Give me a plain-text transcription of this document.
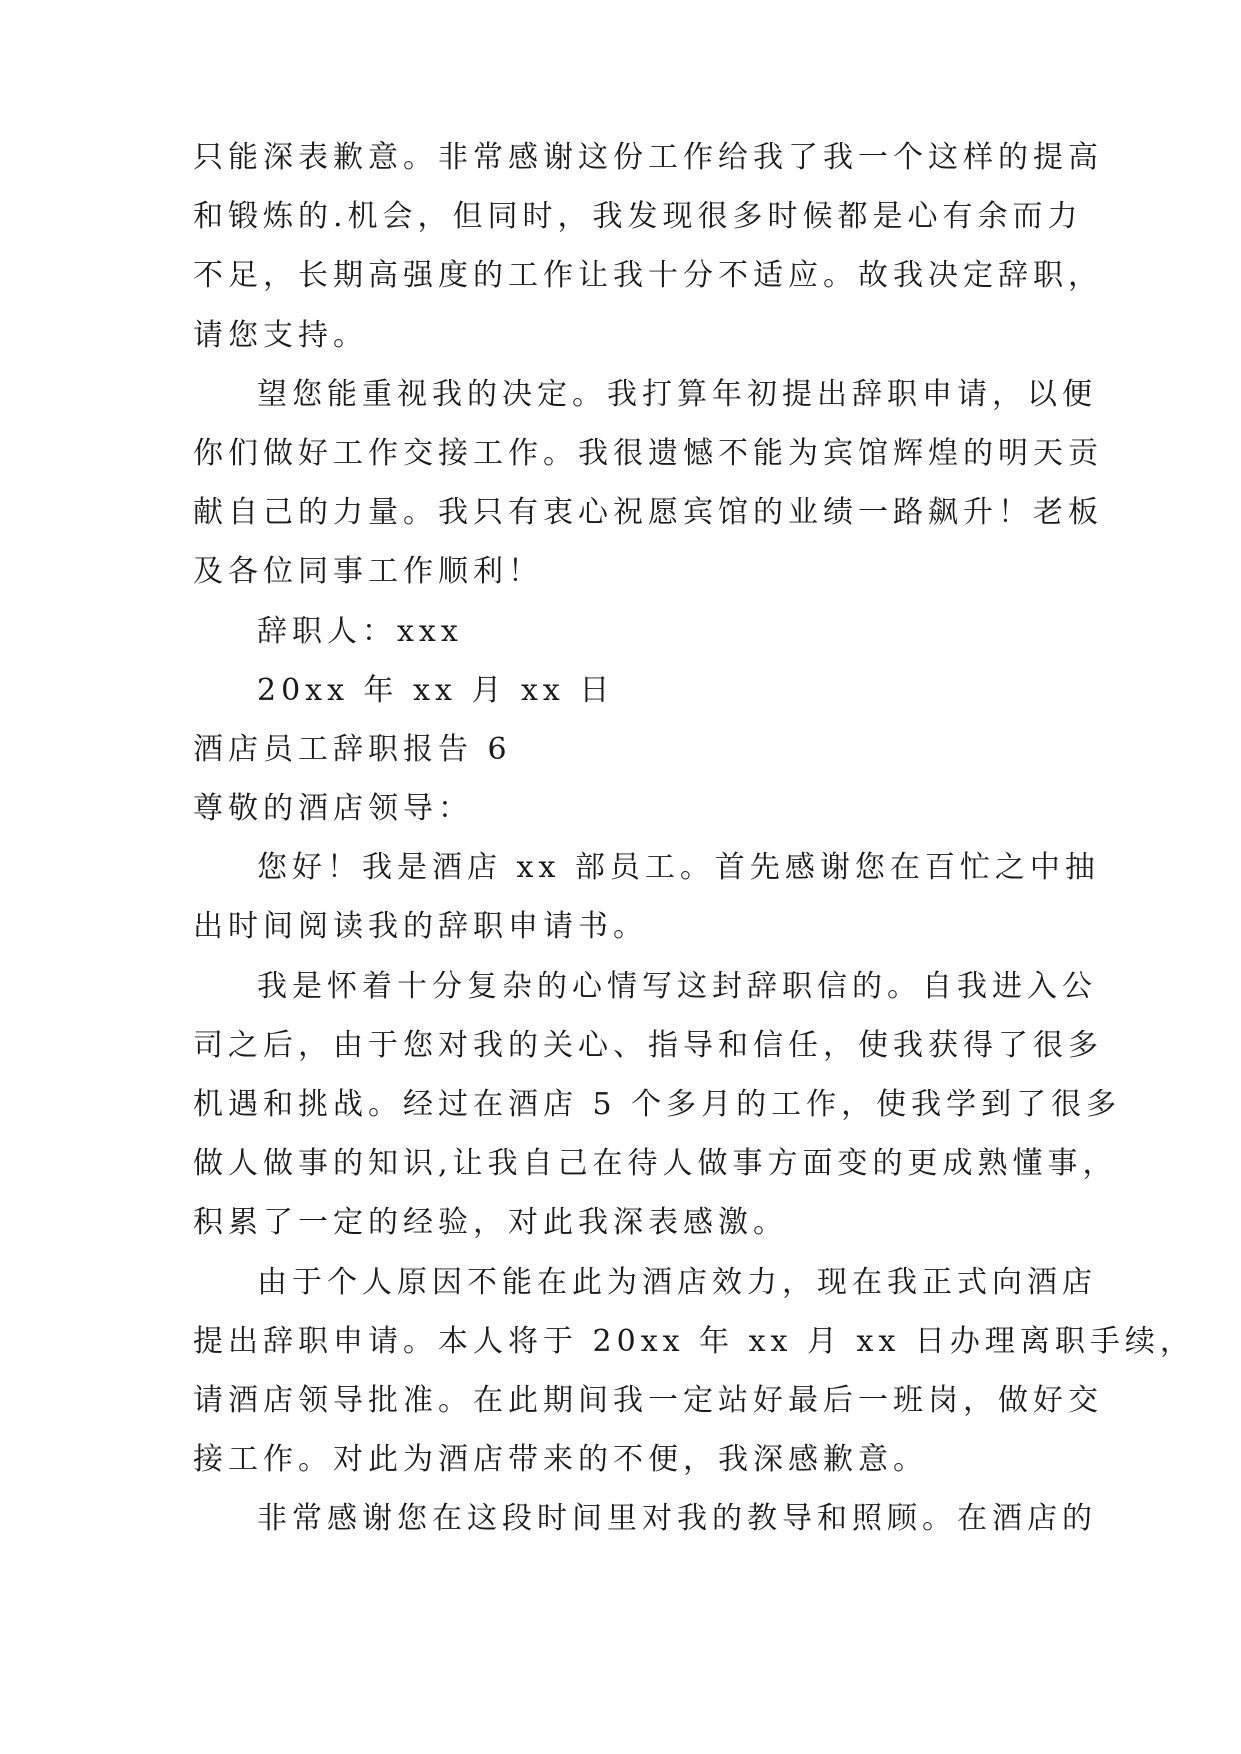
只能深表歉意。非常感谢这份工作给我了我一个这样的提高
和锻炼的.机会，但同时，我发现很多时候都是心有余而力
不足，长期高强度的工作让我十分不适应。故我决定辞职，
请您支持。
望您能重视我的决定。我打算年初提出辞职申请，以便
你们做好工作交接工作。我很遗憾不能为宾馆辉煌的明天贡
献自己的力量。我只有衷心祝愿宾馆的业绩一路飙升！老板
及各位同事工作顺利！
辞职人：xxx
20xx 年 xx 月 xx 日
酒店员工辞职报告 6
尊敬的酒店领导：
您好！我是酒店 xx 部员工。首先感谢您在百忙之中抽
出时间阅读我的辞职申请书。
我是怀着十分复杂的心情写这封辞职信的。自我进入公
司之后，由于您对我的关心、指导和信任，使我获得了很多
机遇和挑战。经过在酒店 5 个多月的工作，使我学到了很多
做人做事的知识,让我自己在待人做事方面变的更成熟懂事，
积累了一定的经验，对此我深表感激。
由于个人原因不能在此为酒店效力，现在我正式向酒店
提出辞职申请。本人将于 20xx 年 xx 月 xx 日办理离职手续，
请酒店领导批准。在此期间我一定站好最后一班岗，做好交
接工作。对此为酒店带来的不便，我深感歉意。
非常感谢您在这段时间里对我的教导和照顾。在酒店的
